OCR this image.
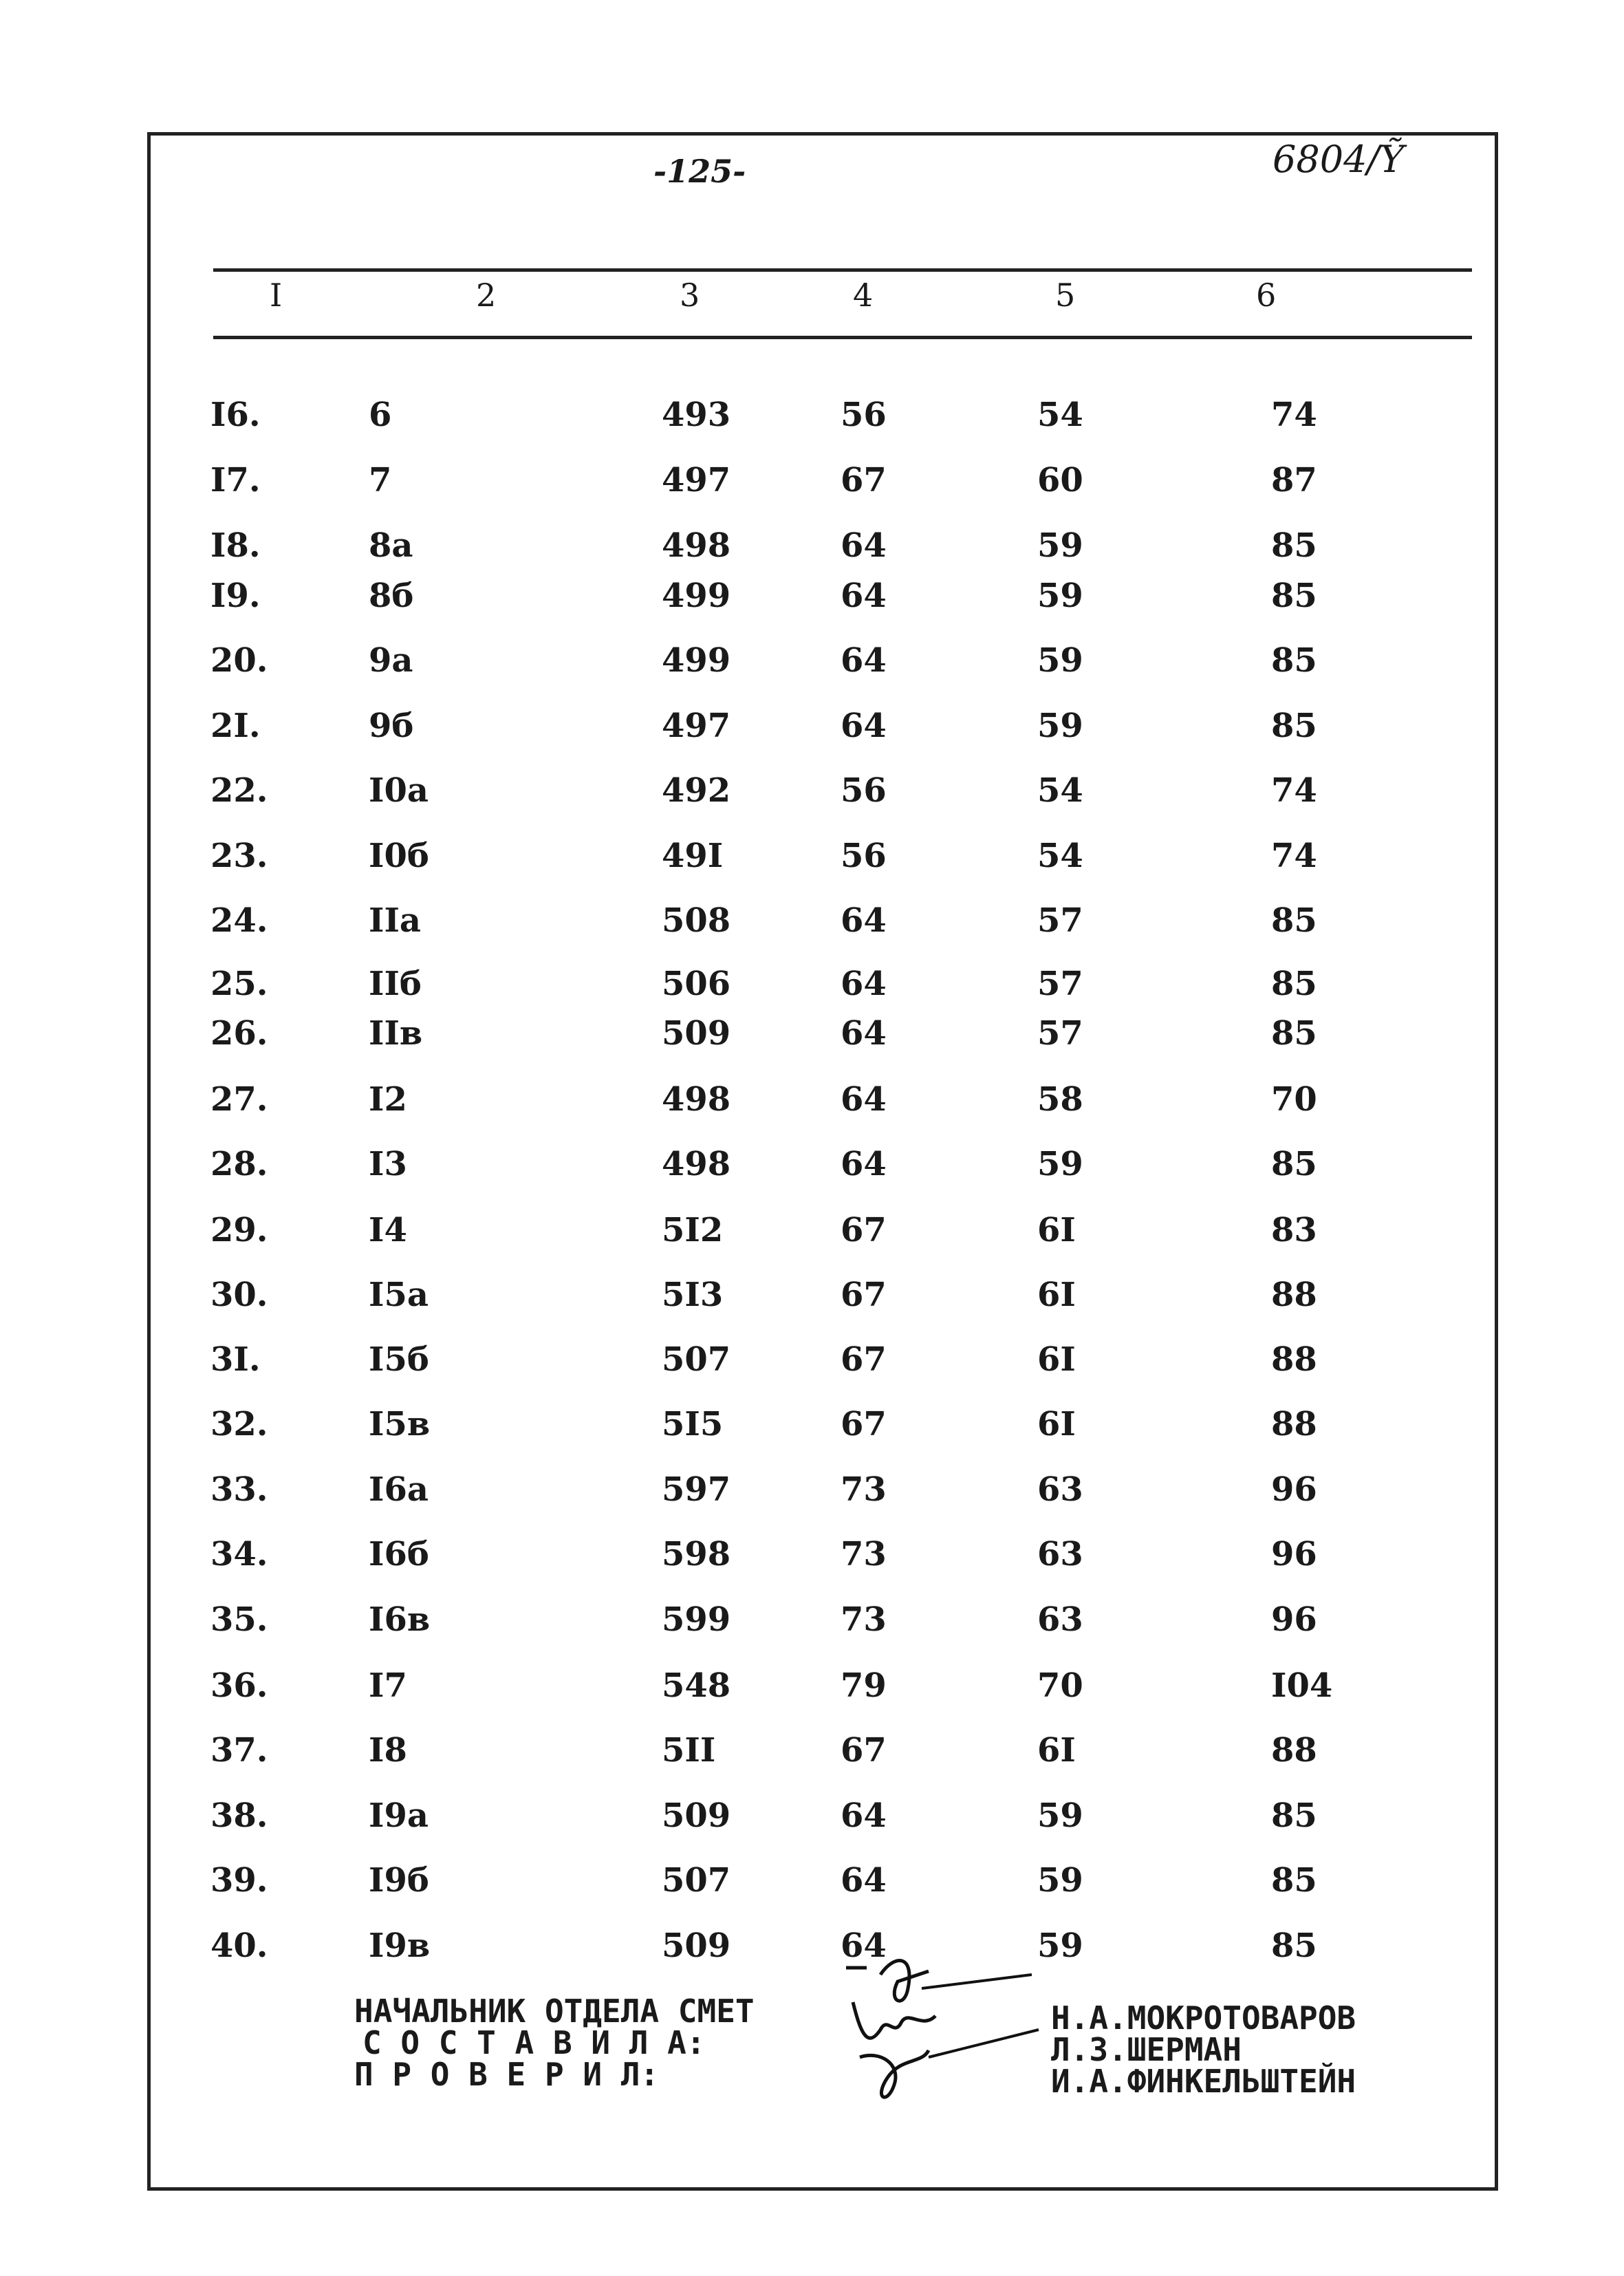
-125-	6804/Ỹ
I	2	3	4	5	6
I6.	6	493	56	54	74
I7.	7	497	67	60	87
I8.	8а	498	64	59	85
I9.	8б	499	64	59	85
20.	9а	499	64	59	85
2I.	9б	497	64	59	85
22.	I0а	492	56	54	74
23.	I0б	49I	56	54	74
24.	IIа	508	64	57	85
25.	IIб	506	64	57	85
26.	IIв	509	64	57	85
27.	I2	498	64	58	70
28.	I3	498	64	59	85
29.	I4	5I2	67	6I	83
30.	I5а	5I3	67	6I	88
3I.	I5б	507	67	6I	88
32.	I5в	5I5	67	6I	88
33.	I6а	597	73	63	96
34.	I6б	598	73	63	96
35.	I6в	599	73	63	96
36.	I7	548	79	70	I04
37.	I8	5II	67	6I	88
38.	I9а	509	64	59	85
39.	I9б	507	64	59	85
40.	I9в	509	64	59	85
НАЧАЛЬНИК ОТДЕЛА СМЕТ
С О С Т А В И Л А:
П Р О В Е Р И Л:
Н.А.МОКРОТОВАРОВ
Л.З.ШЕРМАН
И.А.ФИНКЕЛЬШТЕЙН
